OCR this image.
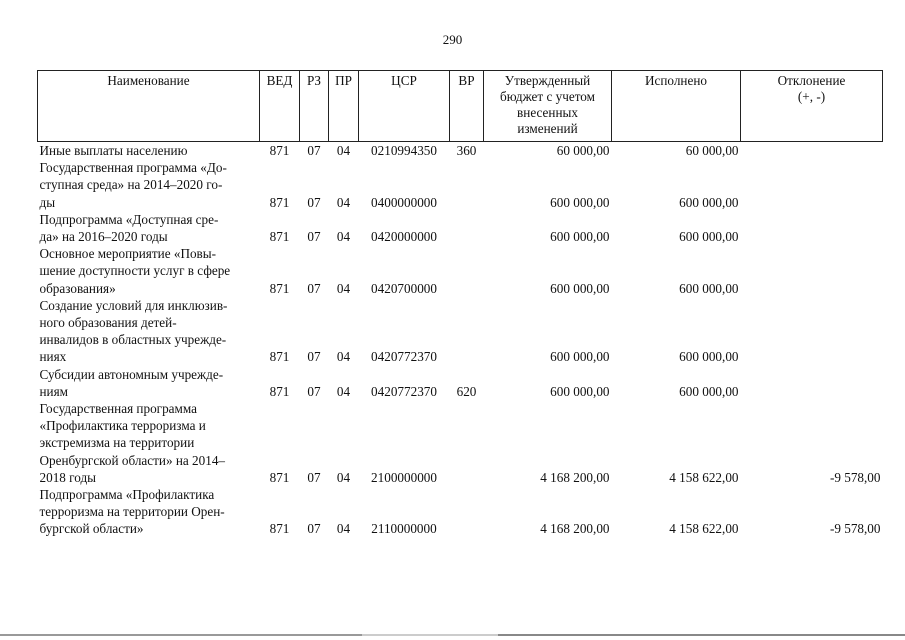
290
Наименование	ВЕД	РЗ	ПР	ЦСР	ВР	Утвержденный бюджет с учетом внесенных изменений	Исполнено	Отклонение (+, -)

Иные выплаты населению	871	07	04	0210994350	360	60 000,00	60 000,00	

Государственная программа «До-
ступная среда» на 2014–2020 го-
ды	871	07	04	0400000000		600 000,00	600 000,00	

Подпрограмма «Доступная сре-
да» на 2016–2020 годы	871	07	04	0420000000		600 000,00	600 000,00	

Основное мероприятие «Повы-
шение доступности услуг в сфере
образования»	871	07	04	0420700000		600 000,00	600 000,00	

Создание условий для инклюзив-
ного образования детей-
инвалидов в областных учрежде-
ниях	871	07	04	0420772370		600 000,00	600 000,00	

Субсидии автономным учрежде-
ниям	871	07	04	0420772370	620	600 000,00	600 000,00	

Государственная программа
«Профилактика терроризма и
экстремизма на территории
Оренбургской области» на 2014–
2018 годы	871	07	04	2100000000		4 168 200,00	4 158 622,00	-9 578,00

Подпрограмма «Профилактика
терроризма на территории Орен-
бургской области»	871	07	04	2110000000		4 168 200,00	4 158 622,00	-9 578,00
